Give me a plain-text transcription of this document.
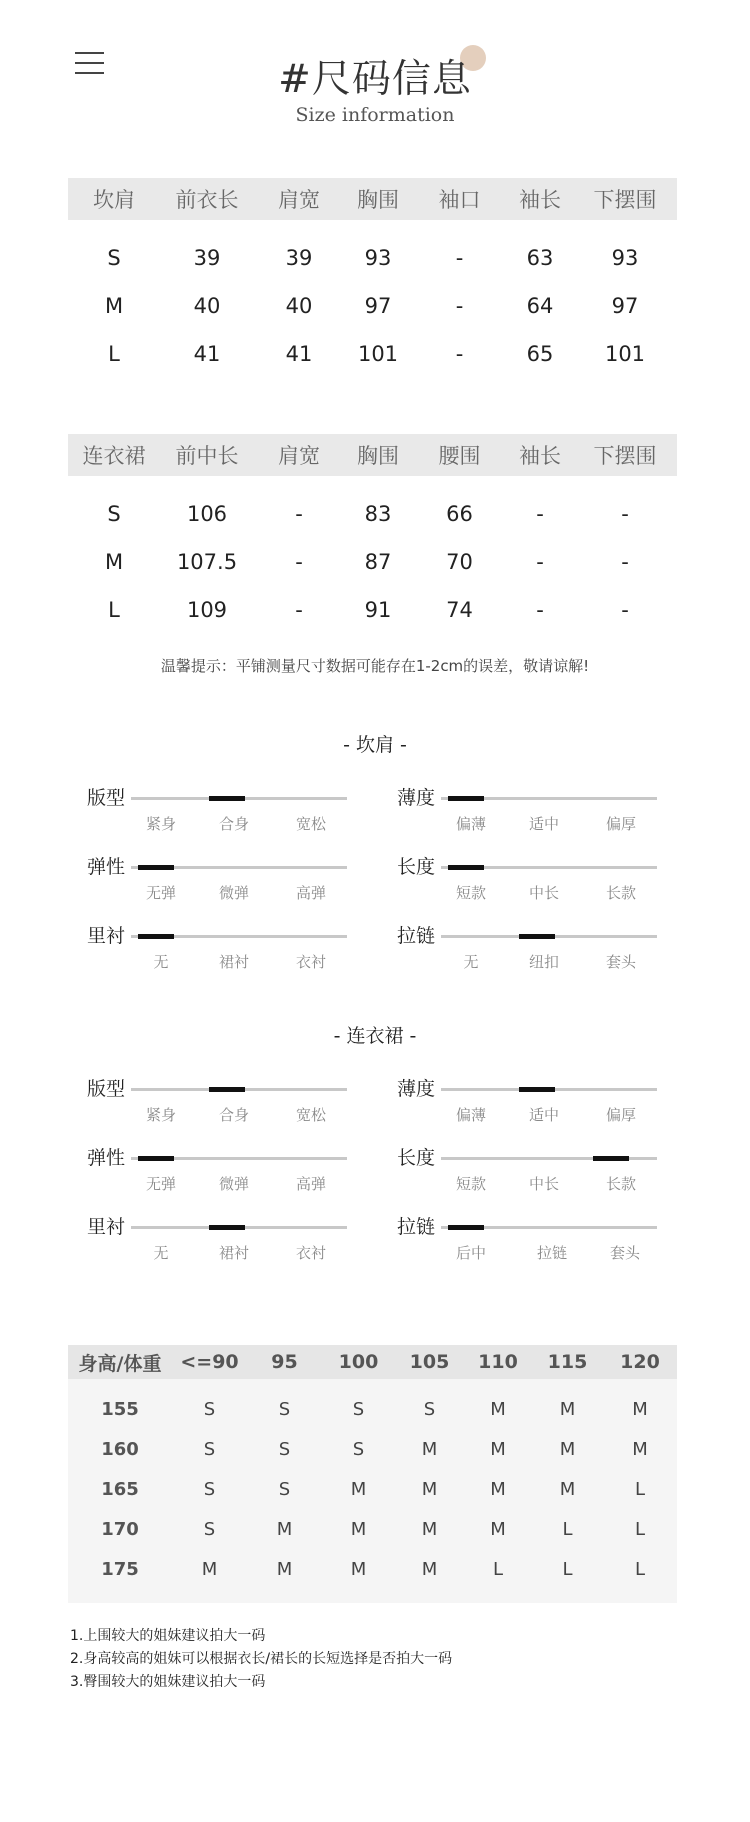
#尺码信息
Size information
坎肩	前衣长	肩宽	胸围	袖口	袖长	下摆围
S	39	39	93	-	63	93
M	40	40	97	-	64	97
L	41	41	101	-	65	101
连衣裙	前中长	肩宽	胸围	腰围	袖长	下摆围
S	106	-	83	66	-	-
M	107.5	-	87	70	-	-
L	109	-	91	74	-	-
温馨提示：平铺测量尺寸数据可能存在1-2cm的误差，敬请谅解!
- 坎肩 -
版型
紧身	合身	宽松
薄度
偏薄	适中	偏厚
弹性
无弹	微弹	高弹
长度
短款	中长	长款
里衬
无	裙衬	衣衬
拉链
无	纽扣	套头
- 连衣裙 -
版型
紧身	合身	宽松
薄度
偏薄	适中	偏厚
弹性
无弹	微弹	高弹
长度
短款	中长	长款
里衬
无	裙衬	衣衬
拉链
后中	拉链	套头
身高/体重	<=90	95	100	105	110	115	120
155	S	S	S	S	M	M	M
160	S	S	S	M	M	M	M
165	S	S	M	M	M	M	L
170	S	M	M	M	M	L	L
175	M	M	M	M	L	L	L
1.上围较大的姐妹建议拍大一码
2.身高较高的姐妹可以根据衣长/裙长的长短选择是否拍大一码
3.臀围较大的姐妹建议拍大一码
